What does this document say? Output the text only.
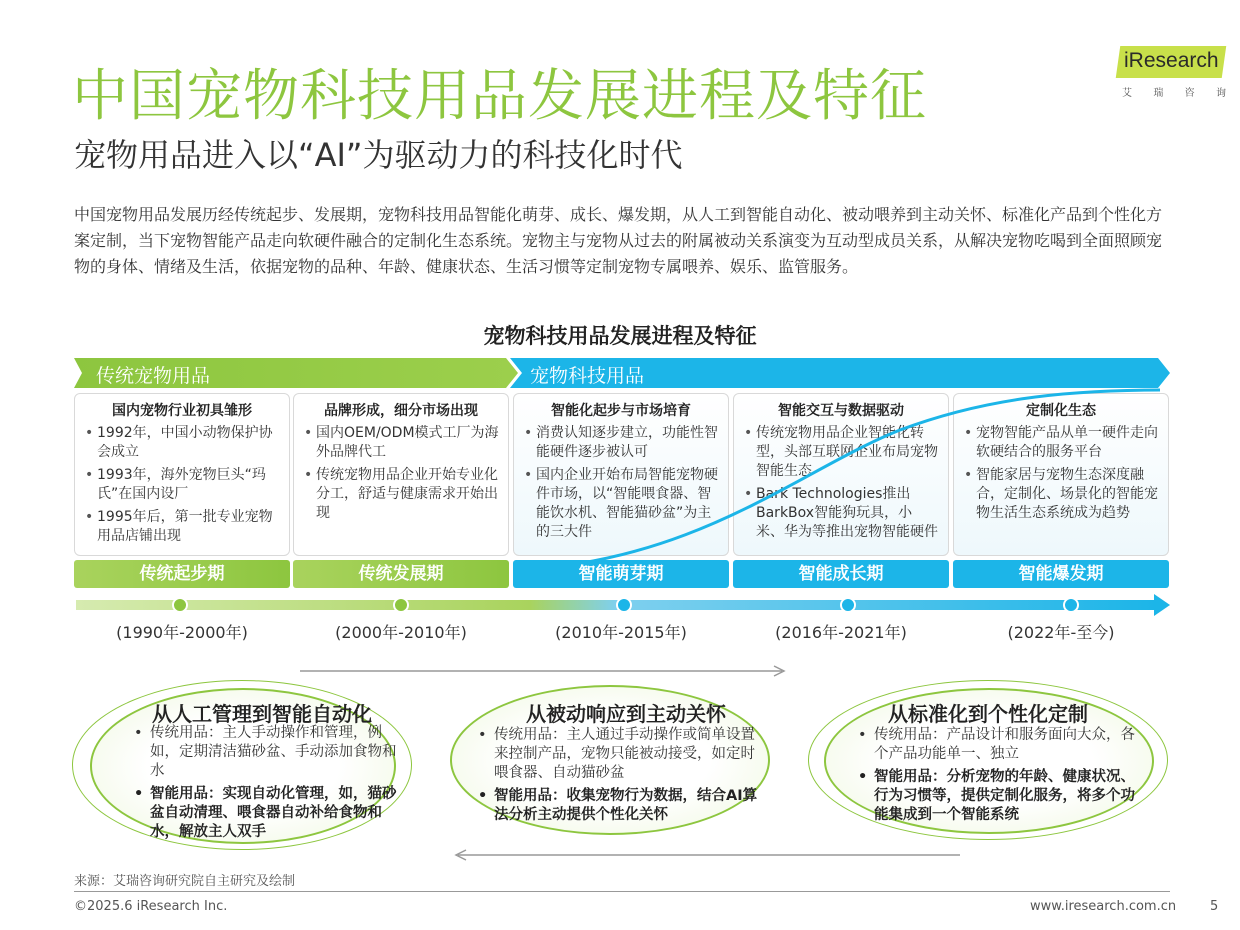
中国宠物科技用品发展进程及特征
宠物用品进入以“AI”为驱动力的科技化时代
iResearch
艾 瑞 咨 询

中国宠物用品发展历经传统起步、发展期，宠物科技用品智能化萌芽、成长、爆发期，从人工到智能自动化、被动喂养到主动关怀、标准化产品到个性化方案定制，当下宠物智能产品走向软硬件融合的定制化生态系统。宠物主与宠物从过去的附属被动关系演变为互动型成员关系，从解决宠物吃喝到全面照顾宠物的身体、情绪及生活，依据宠物的品种、年龄、健康状态、生活习惯等定制宠物专属喂养、娱乐、监管服务。

宠物科技用品发展进程及特征
传统宠物用品	宠物科技用品
国内宠物行业初具雏形
• 1992年，中国小动物保护协会成立
• 1993年，海外宠物巨头“玛氏”在国内设厂
• 1995年后，第一批专业宠物用品店铺出现
品牌形成，细分市场出现
• 国内OEM/ODM模式工厂为海外品牌代工
• 传统宠物用品企业开始专业化分工，舒适与健康需求开始出现
智能化起步与市场培育
• 消费认知逐步建立，功能性智能硬件逐步被认可
• 国内企业开始布局智能宠物硬件市场，以“智能喂食器、智能饮水机、智能猫砂盆”为主的三大件
智能交互与数据驱动
• 传统宠物用品企业智能化转型，头部互联网企业布局宠物智能生态
• Bark Technologies推出BarkBox智能狗玩具，小米、华为等推出宠物智能硬件
定制化生态
• 宠物智能产品从单一硬件走向软硬结合的服务平台
• 智能家居与宠物生态深度融合，定制化、场景化的智能宠物生活生态系统成为趋势
传统起步期	传统发展期	智能萌芽期	智能成长期	智能爆发期
(1990年-2000年)	(2000年-2010年)	(2010年-2015年)	(2016年-2021年)	(2022年-至今)
从人工管理到智能自动化
• 传统用品：主人手动操作和管理，例如，定期清洁猫砂盆、手动添加食物和水
• 智能用品：实现自动化管理，如，猫砂盆自动清理、喂食器自动补给食物和水，解放主人双手
从被动响应到主动关怀
• 传统用品：主人通过手动操作或简单设置来控制产品，宠物只能被动接受，如定时喂食器、自动猫砂盆
• 智能用品：收集宠物行为数据，结合AI算法分析主动提供个性化关怀
从标准化到个性化定制
• 传统用品：产品设计和服务面向大众，各个产品功能单一、独立
• 智能用品：分析宠物的年龄、健康状况、行为习惯等，提供定制化服务，将多个功能集成到一个智能系统
来源：艾瑞咨询研究院自主研究及绘制
©2025.6 iResearch Inc.	www.iresearch.com.cn	5
